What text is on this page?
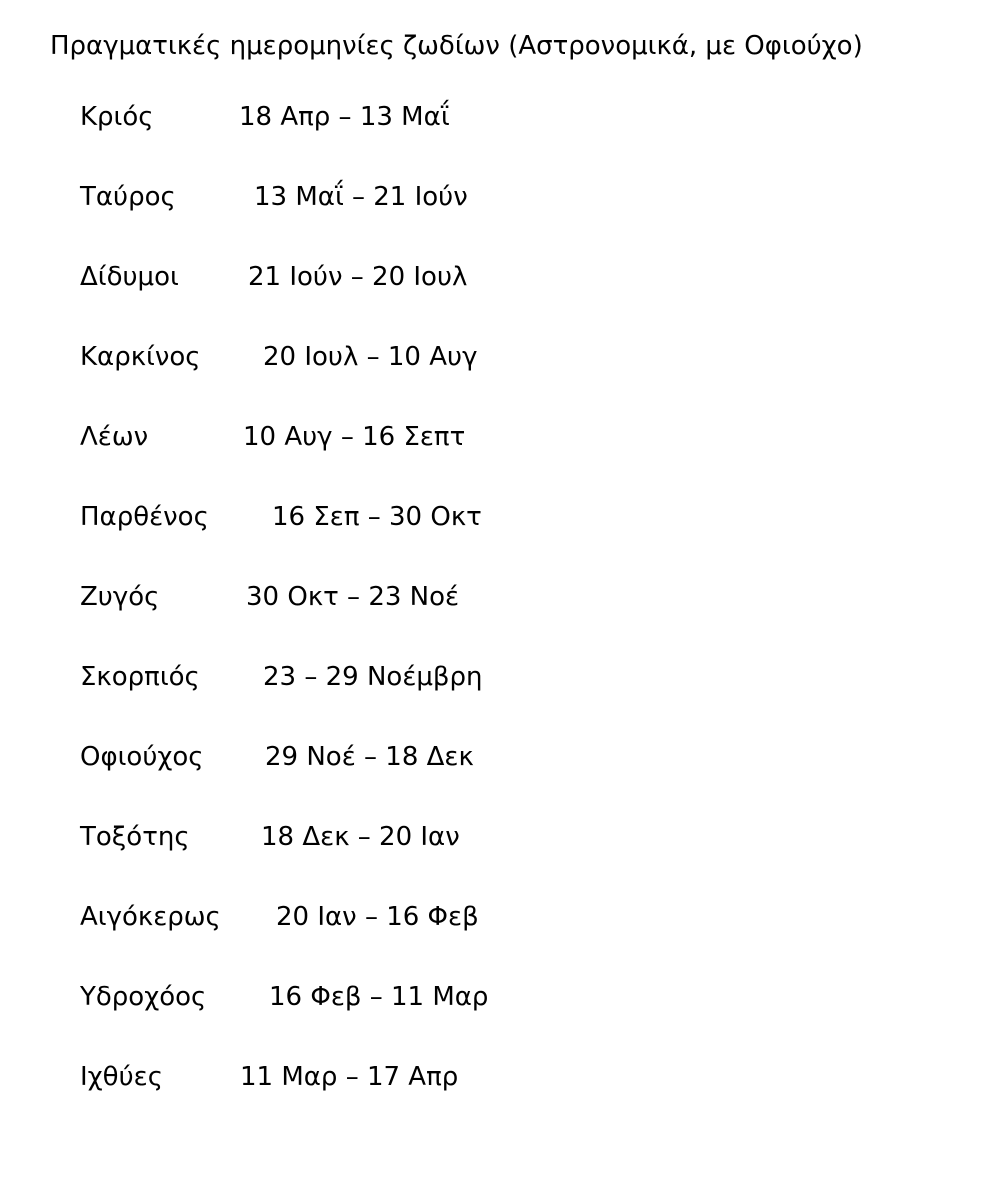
Πραγματικές ημερομηνίες ζωδίων (Αστρονομικά, με Οφιούχο)
Κριός	18 Απρ – 13 Μαΐ
Ταύρος	13 Μαΐ – 21 Ιούν
Δίδυμοι	21 Ιούν – 20 Ιουλ
Καρκίνος 20 Ιουλ – 10 Αυγ
Λέων	10 Αυγ – 16 Σεπτ
Παρθένος 16 Σεπ – 30 Οκτ
Ζυγός	30 Οκτ – 23 Νοέ
Σκορπιός 23 – 29 Νοέμβρη
Οφιούχος 29 Νοέ – 18 Δεκ
Τοξότης	18 Δεκ – 20 Ιαν
Αιγόκερως 20 Ιαν – 16 Φεβ
Υδροχόος 16 Φεβ – 11 Μαρ
Ιχθύες	11 Μαρ – 17 Απρ
